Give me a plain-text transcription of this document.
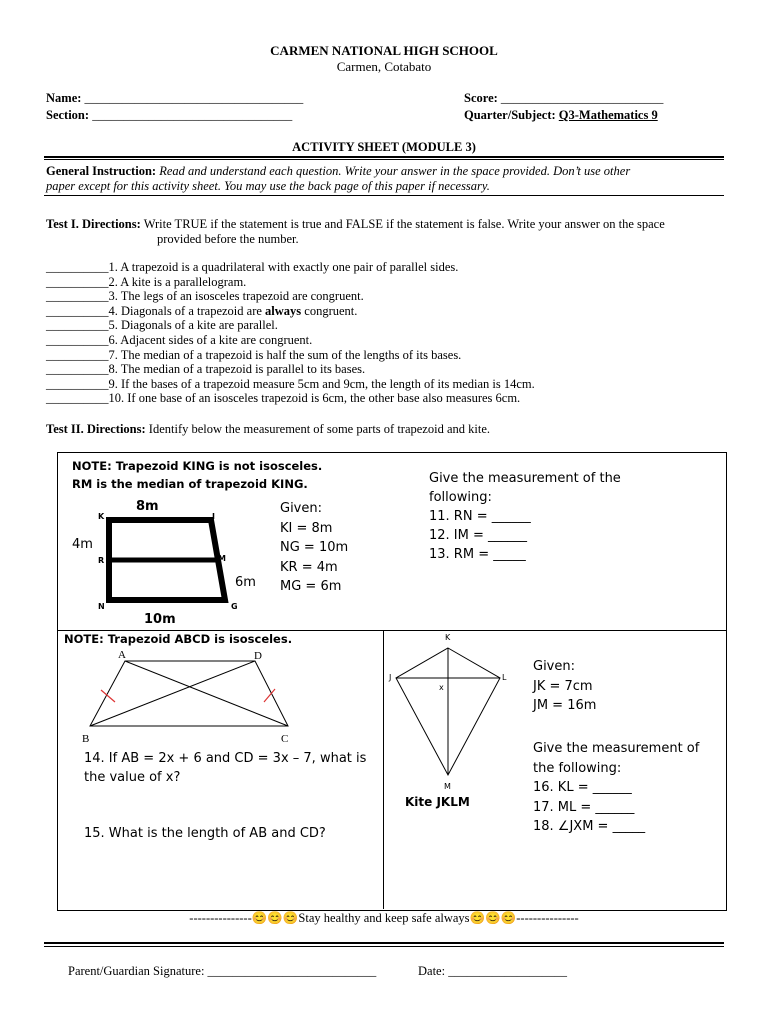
CARMEN NATIONAL HIGH SCHOOL
Carmen, Cotabato
Name: ___________________________________
Section: ________________________________
Score: __________________________
Quarter/Subject: Q3-Mathematics 9
ACTIVITY SHEET (MODULE 3)
General Instruction: Read and understand each question. Write your answer in the space provided. Don’t use other
paper except for this activity sheet. You may use the back page of this paper if necessary.
Test I. Directions: Write TRUE if the statement is true and FALSE if the statement is false. Write your answer on the space
provided before the number.
__________1. A trapezoid is a quadrilateral with exactly one pair of parallel sides.
__________2. A kite is a parallelogram.
__________3. The legs of an isosceles trapezoid are congruent.
__________4. Diagonals of a trapezoid are always congruent.
__________5. Diagonals of a kite are parallel.
__________6. Adjacent sides of a kite are congruent.
__________7. The median of a trapezoid is half the sum of the lengths of its bases.
__________8. The median of a trapezoid is parallel to its bases.
__________9. If the bases of a trapezoid measure 5cm and 9cm, the length of its median is 14cm.
__________10. If one base of an isosceles trapezoid is 6cm, the other base also measures 6cm.
Test II. Directions: Identify below the measurement of some parts of trapezoid and kite.
NOTE: Trapezoid KING is not isosceles.
RM is the median of trapezoid KING.
8m
K	I
4m
R	M
6m
N	G
10m
Given:
KI = 8m
NG = 10m
KR = 4m
MG = 6m
Give the measurement of the
following:
11. RN = ______
12. IM = ______
13. RM = _____
NOTE: Trapezoid ABCD is isosceles.
A	D
B	C
14. If AB = 2x + 6 and CD = 3x – 7, what is
the value of x?
15. What is the length of AB and CD?
K
J	L
x
M
Kite JKLM
Given:
JK = 7cm
JM = 16m
Give the measurement of
the following:
16. KL = ______
17. ML = ______
18. ∠JXM = _____
---------------😊😊😊Stay healthy and keep safe always😊😊😊---------------
Parent/Guardian Signature: ___________________________	Date: ___________________
